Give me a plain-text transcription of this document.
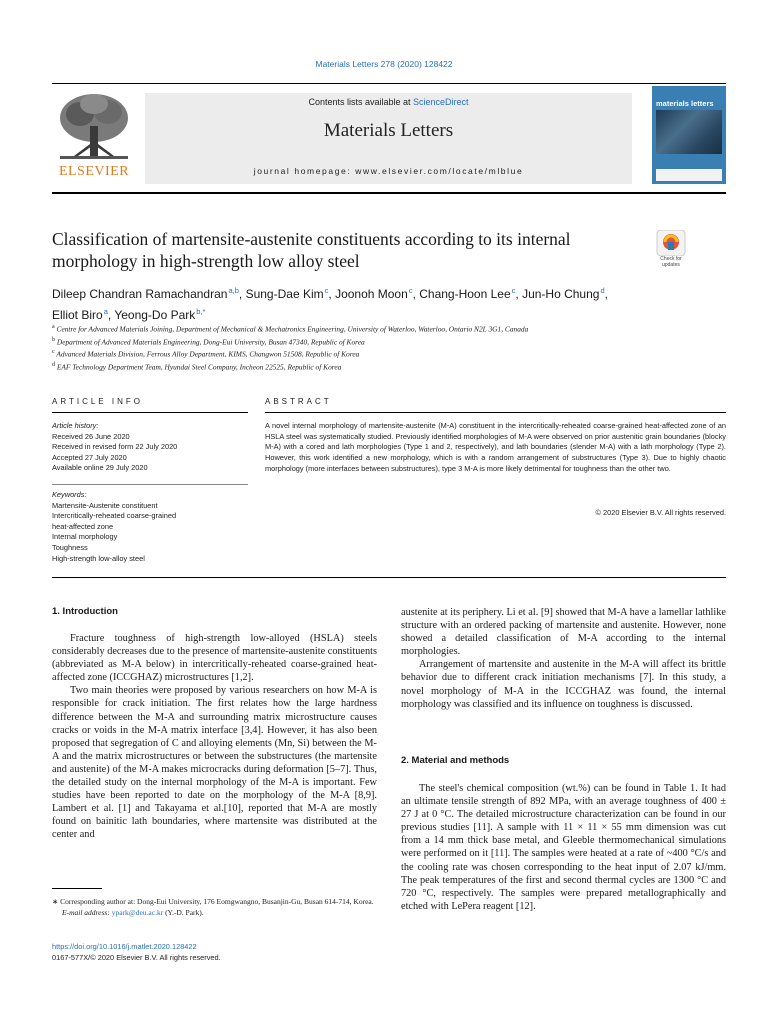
Materials Letters 278 (2020) 128422
ELSEVIER
Contents lists available at ScienceDirect
Materials Letters
journal homepage: www.elsevier.com/locate/mlblue
materials letters
Classification of martensite-austenite constituents according to its internal morphology in high-strength low alloy steel	Check for updates
Dileep Chandran Ramachandran $^{a,b}$, Sung-Dae Kim $^c$, Joonoh Moon $^c$, Chang-Hoon Lee $^c$, Jun-Ho Chung $^d$,
Elliot Biro $^a$, Yeong-Do Park $^{b,*}$
$^a$ Centre for Advanced Materials Joining, Department of Mechanical & Mechatronics Engineering, University of Waterloo, Waterloo, Ontario N2L 3G1, Canada
$^b$ Department of Advanced Materials Engineering, Dong-Eui University, Busan 47340, Republic of Korea
$^c$ Advanced Materials Division, Ferrous Alloy Department, KIMS, Changwon 51508, Republic of Korea
$^d$ EAF Technology Department Team, Hyundai Steel Company, Incheon 22525, Republic of Korea
ARTICLE INFO	ABSTRACT
Article history:
Received 26 June 2020
Received in revised form 22 July 2020
Accepted 27 July 2020
Available online 29 July 2020
Keywords:
Martensite-Austenite constituent
Intercritically-reheated coarse-grained
heat-affected zone
Internal morphology
Toughness
High-strength low-alloy steel
A novel internal morphology of martensite-austenite (M-A) constituent in the intercritically-reheated coarse-grained heat-affected zone of an HSLA steel was systematically studied. Previously identified morphologies of M-A were observed on prior austenitic grain boundaries (blocky M-A) with a cored and lath morphologies (Type 1 and 2, respectively), and lath boundaries (slender M-A) with a lath morphology (Type 2). However, this work identified a new morphology, which is with a random arrangement of substructures (Type 3). Due to highly chaotic morphology (more interfaces between substructures), type 3 M-A is more likely detrimental for toughness than the other two.
© 2020 Elsevier B.V. All rights reserved.
1. Introduction

Fracture toughness of high-strength low-alloyed (HSLA) steels considerably decreases due to the presence of martensite-austenite constituents (abbreviated as M-A below) in intercritically-reheated coarse-grained heat-affected zone (ICCGHAZ) microstructures [1,2].

Two main theories were proposed by various researchers on how M-A is responsible for crack initiation. The first relates how the large hardness difference between the M-A and surrounding matrix microstructure causes cracks or voids in the M-A matrix interface [3,4]. However, it has also been proposed that segregation of C and alloying elements (Mn, Si) between the M-A and the matrix microstructures or between the substructures (the martensite and austenite) of the M-A makes microcracks during deformation [5–7]. Thus, the detailed study on the internal morphology of the M-A is important. Few studies have been reported to date on the morphology of the M-A [8,9]. Lambert et al. [1] and Takayama et al.[10], reported that M-A are mostly found on bainitic lath boundaries, where martensite was distributed at the center and

austenite at its periphery. Li et al. [9] showed that M-A have a lamellar lathlike structure with an ordered packing of martensite and austenite. However, none showed a detailed classification of M-A according to the internal morphologies.

Arrangement of martensite and austenite in the M-A will affect its brittle behavior due to different crack initiation mechanisms [7]. In this study, a novel morphology of M-A in the ICCGHAZ was found, the internal morphology was classified and its influence on toughness is discussed.

2. Material and methods

The steel's chemical composition (wt.%) can be found in Table 1. It had an ultimate tensile strength of 892 MPa, with an average toughness of 400 ± 27 J at 0 °C. The detailed microstructure characterization can be found in our previous studies [11]. A sample with 11 × 11 × 55 mm dimension was cut from a 14 mm thick base metal, and Gleeble thermomechanical simulations were performed on it [11]. The samples were heated at a rate of ~400 °C/s and the cooling rate was chosen corresponding to the heat input of 2.07 kJ/mm. The peak temperatures of the first and second thermal cycles are 1300 °C and 720 °C, respectively. The samples were prepared metallographically and etched with LePera reagent [12].

∗ Corresponding author at: Dong-Eui University, 176 Eomgwangno, Busanjin-Gu, Busan 614-714, Korea.
E-mail address: ypark@deu.ac.kr (Y.-D. Park).
https://doi.org/10.1016/j.matlet.2020.128422
0167-577X/© 2020 Elsevier B.V. All rights reserved.
